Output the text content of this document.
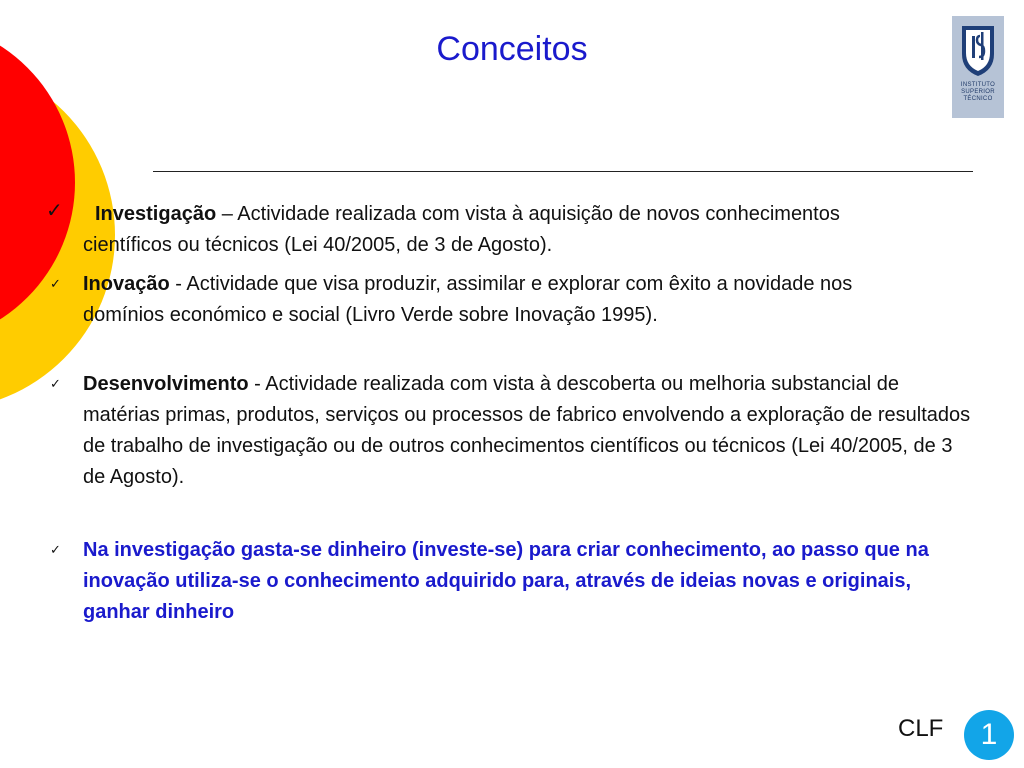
Conceitos
INSTITUTO
SUPERIOR
TÉCNICO
✓	Investigação – Actividade realizada com vista à aquisição de novos conhecimentos científicos ou técnicos (Lei 40/2005, de 3 de Agosto).
✓ Inovação - Actividade que visa produzir, assimilar e explorar com êxito a novidade nos domínios económico e social (Livro Verde sobre Inovação 1995).
✓ Desenvolvimento - Actividade realizada com vista à descoberta ou melhoria substancial de matérias primas, produtos, serviços ou processos de fabrico envolvendo a exploração de resultados de trabalho de investigação ou de outros conhecimentos científicos ou técnicos (Lei 40/2005, de 3 de Agosto).
✓ Na investigação gasta-se dinheiro (investe-se) para criar conhecimento, ao passo que na inovação utiliza-se o conhecimento adquirido para, através de ideias novas e originais, ganhar dinheiro
CLF	1
